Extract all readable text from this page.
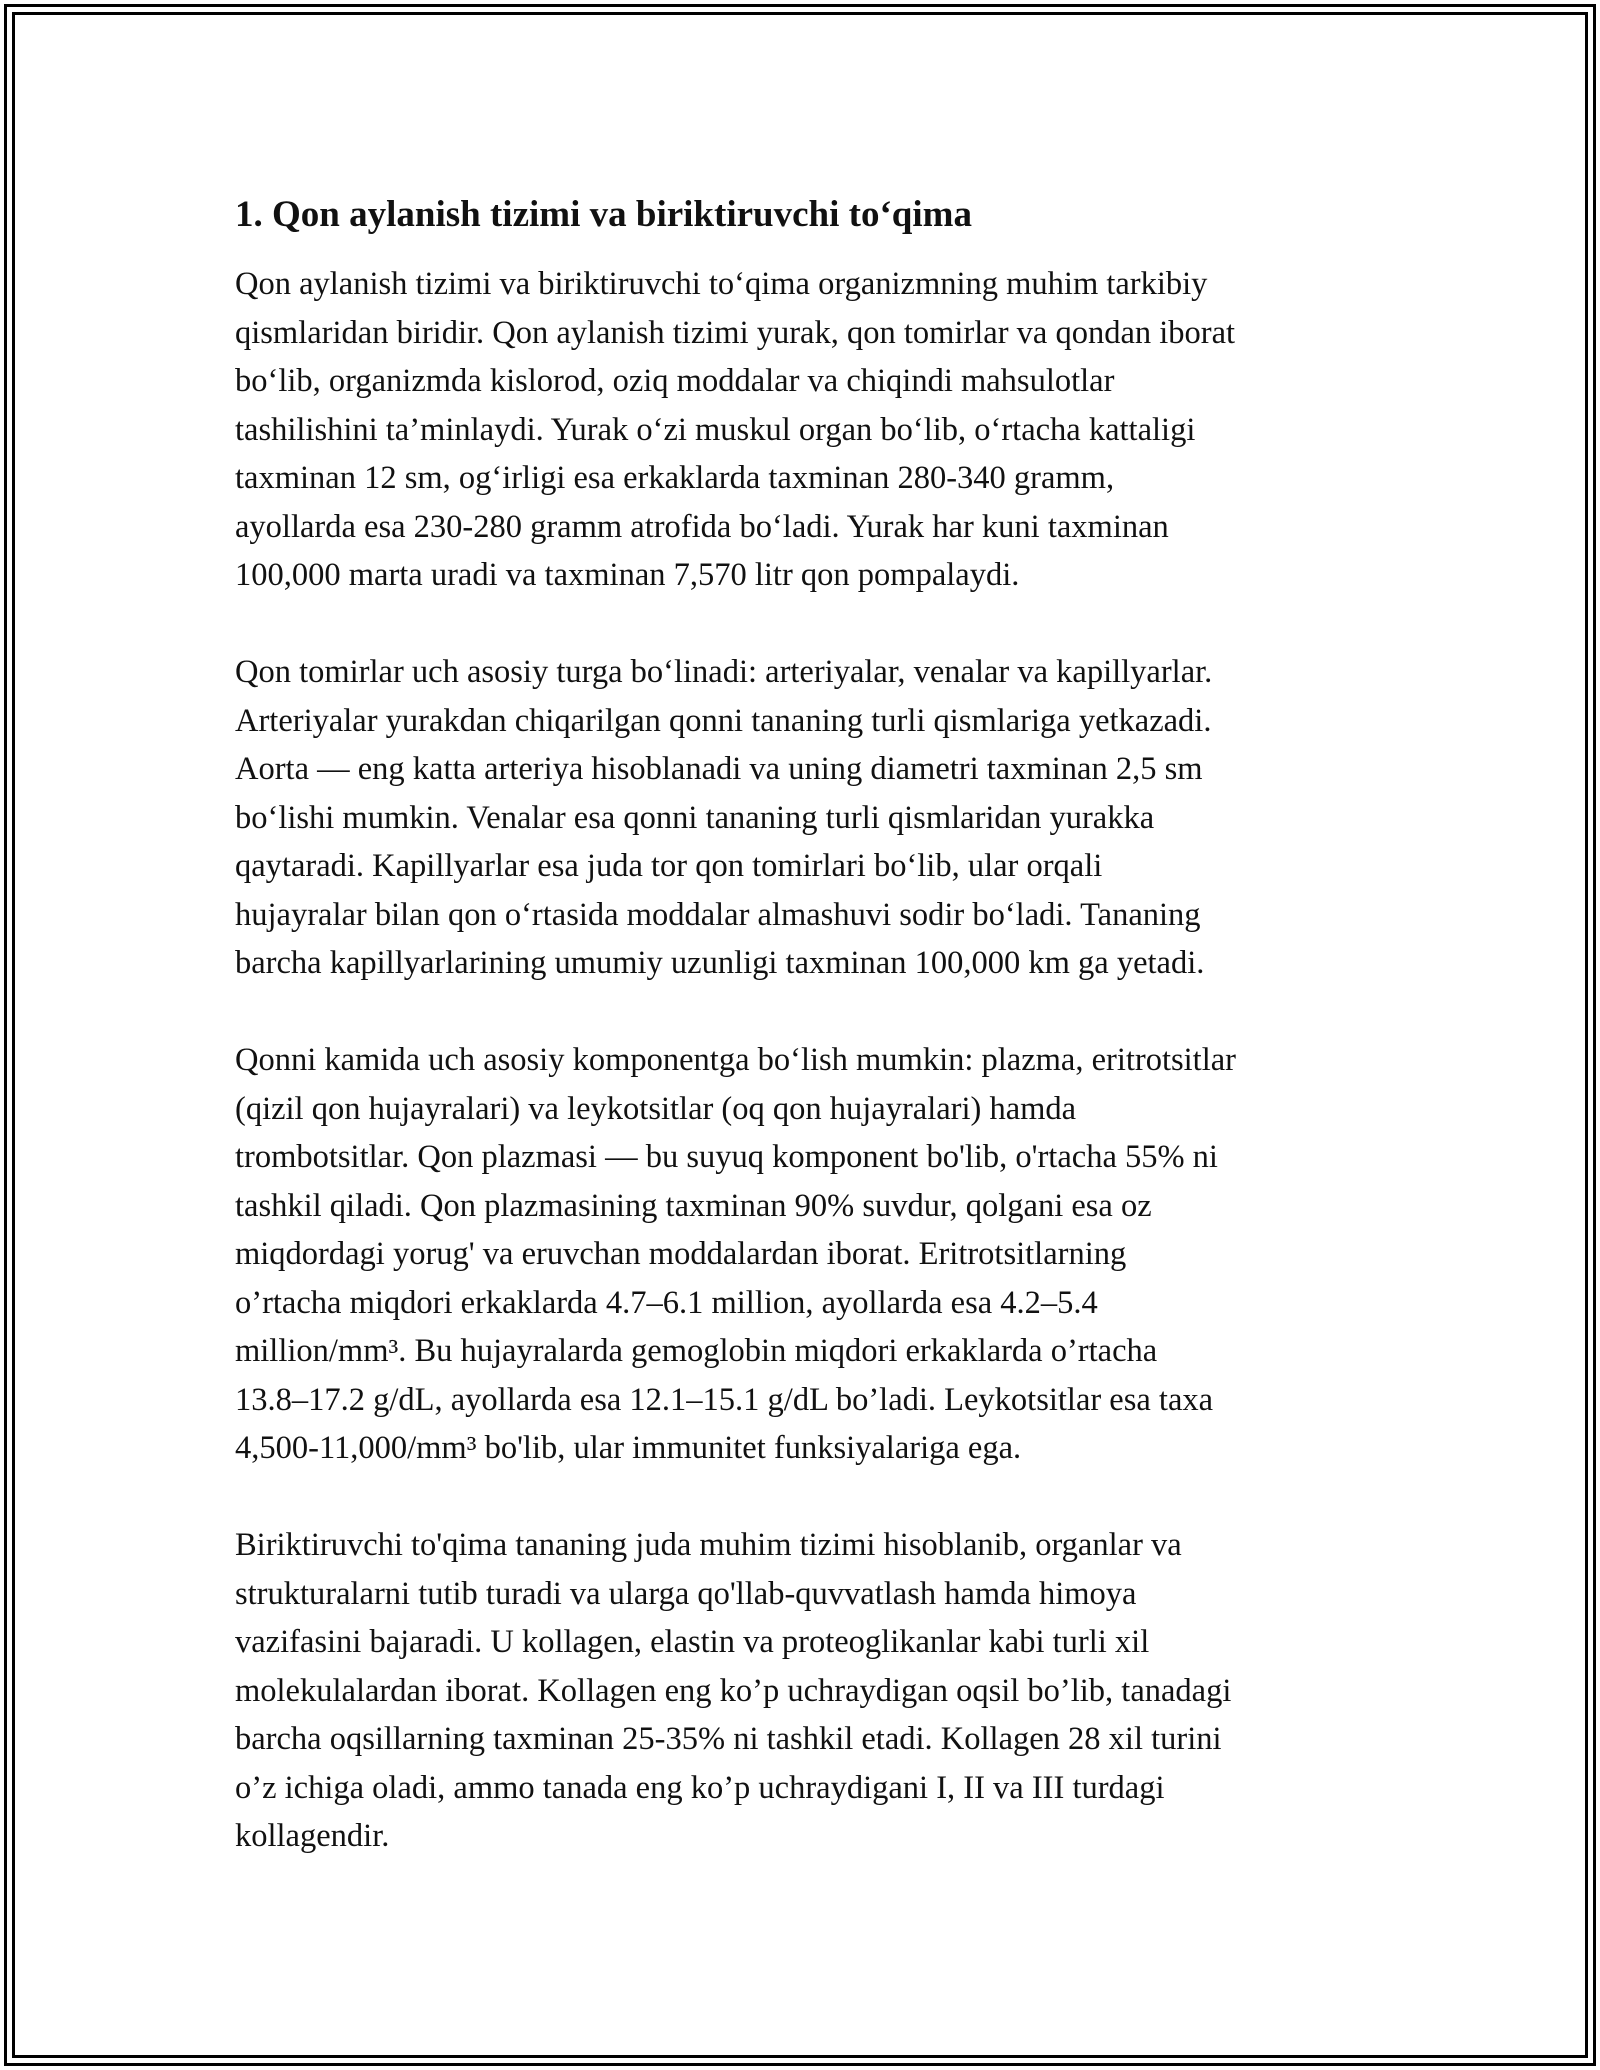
1. Qon aylanish tizimi va biriktiruvchi to‘qima

Qon aylanish tizimi va biriktiruvchi to‘qima organizmning muhim tarkibiy
qismlaridan biridir. Qon aylanish tizimi yurak, qon tomirlar va qondan iborat
bo‘lib, organizmda kislorod, oziq moddalar va chiqindi mahsulotlar
tashilishini ta’minlaydi. Yurak o‘zi muskul organ bo‘lib, o‘rtacha kattaligi
taxminan 12 sm, og‘irligi esa erkaklarda taxminan 280-340 gramm,
ayollarda esa 230-280 gramm atrofida bo‘ladi. Yurak har kuni taxminan
100,000 marta uradi va taxminan 7,570 litr qon pompalaydi.

Qon tomirlar uch asosiy turga bo‘linadi: arteriyalar, venalar va kapillyarlar.
Arteriyalar yurakdan chiqarilgan qonni tananing turli qismlariga yetkazadi.
Aorta — eng katta arteriya hisoblanadi va uning diametri taxminan 2,5 sm
bo‘lishi mumkin. Venalar esa qonni tananing turli qismlaridan yurakka
qaytaradi. Kapillyarlar esa juda tor qon tomirlari bo‘lib, ular orqali
hujayralar bilan qon o‘rtasida moddalar almashuvi sodir bo‘ladi. Tananing
barcha kapillyarlarining umumiy uzunligi taxminan 100,000 km ga yetadi.

Qonni kamida uch asosiy komponentga bo‘lish mumkin: plazma, eritrotsitlar
(qizil qon hujayralari) va leykotsitlar (oq qon hujayralari) hamda
trombotsitlar. Qon plazmasi — bu suyuq komponent bo'lib, o'rtacha 55% ni
tashkil qiladi. Qon plazmasining taxminan 90% suvdur, qolgani esa oz
miqdordagi yorug' va eruvchan moddalardan iborat. Eritrotsitlarning
o’rtacha miqdori erkaklarda 4.7–6.1 million, ayollarda esa 4.2–5.4
million/mm³. Bu hujayralarda gemoglobin miqdori erkaklarda o’rtacha
13.8–17.2 g/dL, ayollarda esa 12.1–15.1 g/dL bo’ladi. Leykotsitlar esa taxa
4,500-11,000/mm³ bo'lib, ular immunitet funksiyalariga ega.

Biriktiruvchi to'qima tananing juda muhim tizimi hisoblanib, organlar va
strukturalarni tutib turadi va ularga qo'llab-quvvatlash hamda himoya
vazifasini bajaradi. U kollagen, elastin va proteoglikanlar kabi turli xil
molekulalardan iborat. Kollagen eng ko’p uchraydigan oqsil bo’lib, tanadagi
barcha oqsillarning taxminan 25-35% ni tashkil etadi. Kollagen 28 xil turini
o’z ichiga oladi, ammo tanada eng ko’p uchraydigani I, II va III turdagi
kollagendir.
